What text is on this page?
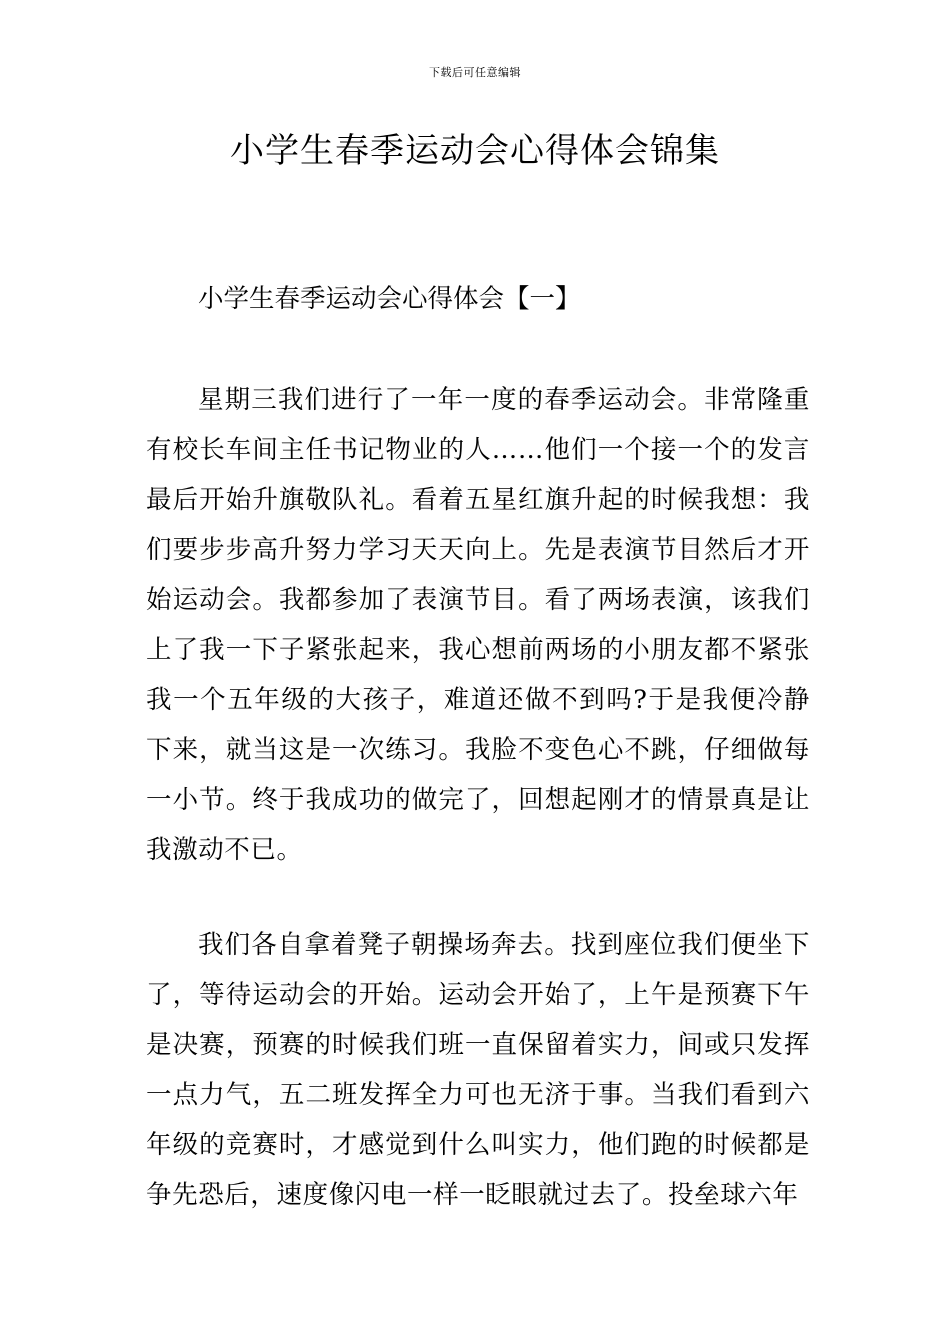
下载后可任意编辑
小学生春季运动会心得体会锦集
小学生春季运动会心得体会【一】

星期三我们进行了一年一度的春季运动会。非常隆重有校长车间主任书记物业的人……他们一个接一个的发言最后开始升旗敬队礼。看着五星红旗升起的时候我想：我们要步步高升努力学习天天向上。先是表演节目然后才开始运动会。我都参加了表演节目。看了两场表演，该我们上了我一下子紧张起来，我心想前两场的小朋友都不紧张我一个五年级的大孩子，难道还做不到吗?于是我便冷静下来，就当这是一次练习。我脸不变色心不跳，仔细做每一小节。终于我成功的做完了，回想起刚才的情景真是让我激动不已。

我们各自拿着凳子朝操场奔去。找到座位我们便坐下了，等待运动会的开始。运动会开始了，上午是预赛下午是决赛，预赛的时候我们班一直保留着实力，间或只发挥一点力气，五二班发挥全力可也无济于事。当我们看到六年级的竞赛时，才感觉到什么叫实力，他们跑的时候都是争先恐后，速度像闪电一样一眨眼就过去了。投垒球六年
